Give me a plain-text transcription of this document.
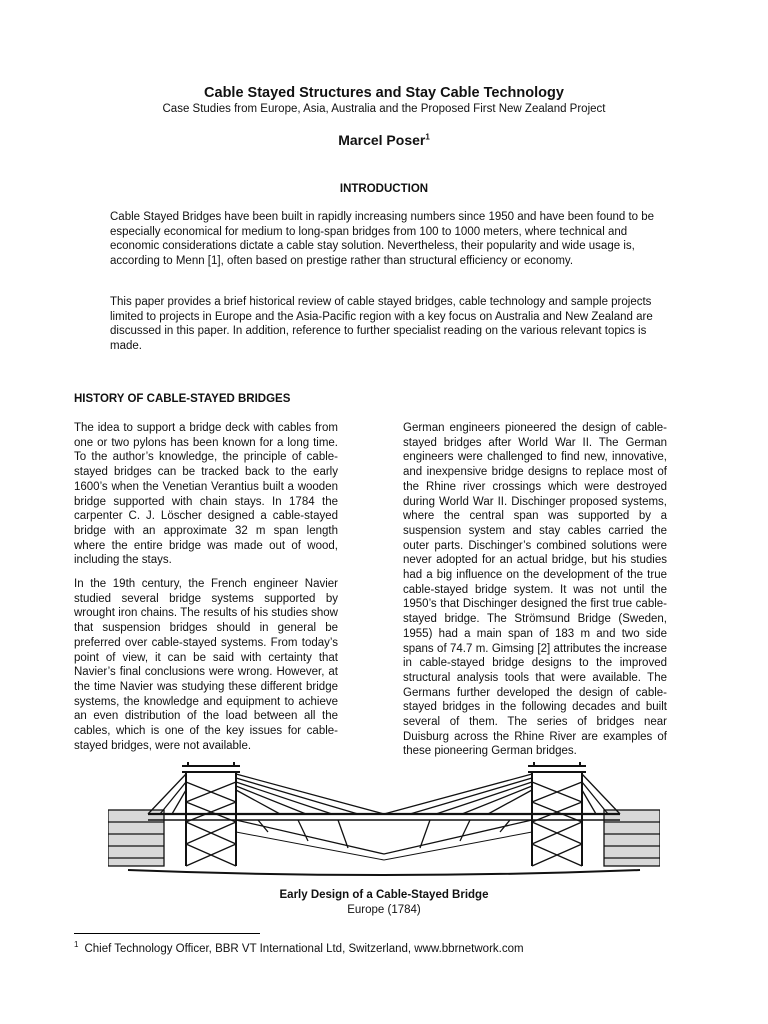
Cable Stayed Structures and Stay Cable Technology
Case Studies from Europe, Asia, Australia and the Proposed First New Zealand Project
Marcel Poser$^1$
INTRODUCTION

Cable Stayed Bridges have been built in rapidly increasing numbers since 1950 and have been found to be especially economical for medium to long-span bridges from 100 to 1000 meters, where technical and economic considerations dictate a cable stay solution. Nevertheless, their popularity and wide usage is, according to Menn [1], often based on prestige rather than structural efficiency or economy.

This paper provides a brief historical review of cable stayed bridges, cable technology and sample projects limited to projects in Europe and the Asia-Pacific region with a key focus on Australia and New Zealand are discussed in this paper. In addition, reference to further specialist reading on the various relevant topics is made.

HISTORY OF CABLE-STAYED BRIDGES

The idea to support a bridge deck with cables from one or two pylons has been known for a long time. To the author’s knowledge, the principle of cable-stayed bridges can be tracked back to the early 1600’s when the Venetian Verantius built a wooden bridge supported with chain stays. In 1784 the carpenter C. J. Löscher designed a cable-stayed bridge with an approximate 32 m span length where the entire bridge was made out of wood, including the stays.

In the 19th century, the French engineer Navier studied several bridge systems supported by wrought iron chains. The results of his studies show that suspension bridges should in general be preferred over cable-stayed systems. From today’s point of view, it can be said with certainty that Navier’s final conclusions were wrong. However, at the time Navier was studying these different bridge systems, the knowledge and equipment to achieve an even distribution of the load between all the cables, which is one of the key issues for cable-stayed bridges, were not available.

German engineers pioneered the design of cable-stayed bridges after World War II. The German engineers were challenged to find new, innovative, and inexpensive bridge designs to replace most of the Rhine river crossings which were destroyed during World War II. Dischinger proposed systems, where the central span was supported by a suspension system and stay cables carried the outer parts. Dischinger’s combined solutions were never adopted for an actual bridge, but his studies had a big influence on the development of the true cable-stayed bridge system. It was not until the 1950’s that Dischinger designed the first true cable-stayed bridge. The Strömsund Bridge (Sweden, 1955) had a main span of 183 m and two side spans of 74.7 m. Gimsing [2] attributes the increase in cable-stayed bridge designs to the improved structural analysis tools that were available. The Germans further developed the design of cable-stayed bridges in the following decades and built several of them. The series of bridges near Duisburg across the Rhine River are examples of these pioneering German bridges.

Early Design of a Cable-Stayed Bridge
Europe (1784)
$^1$ Chief Technology Officer, BBR VT International Ltd, Switzerland, www.bbrnetwork.com
